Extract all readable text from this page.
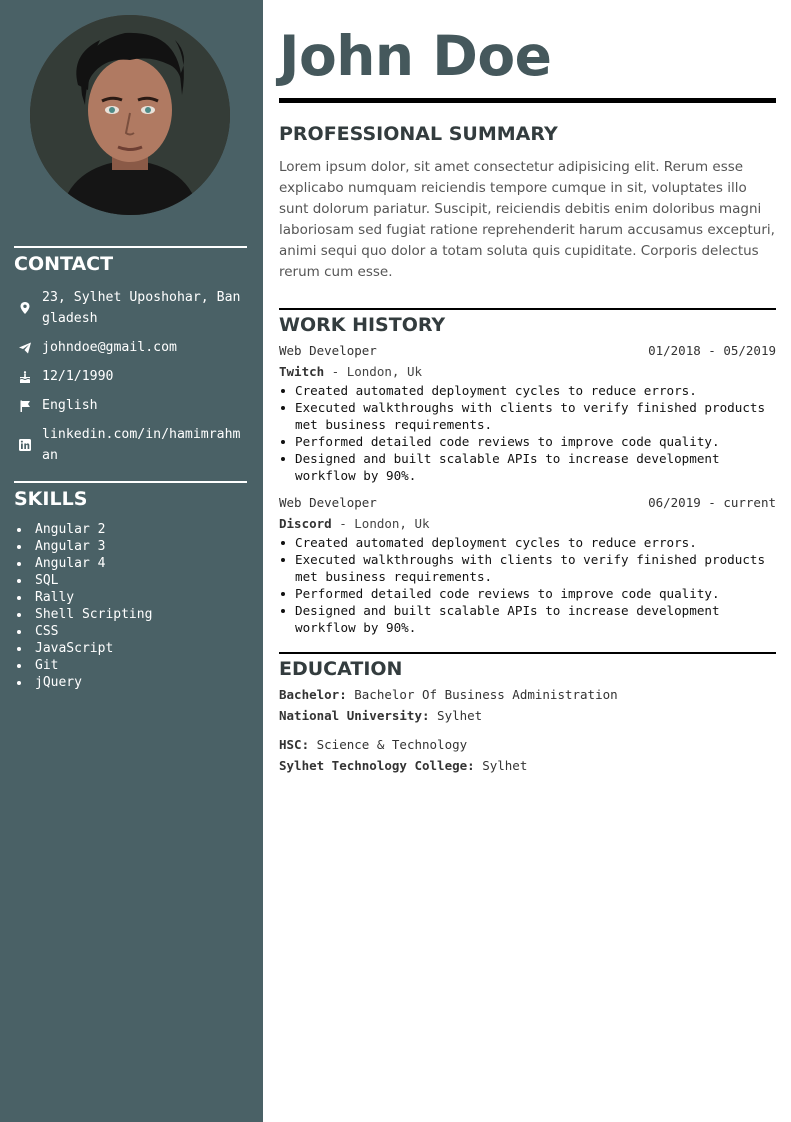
CONTACT
23, Sylhet Uposhohar, Bangladesh
johndoe@gmail.com
12/1/1990
English
linkedin.com/in/hamimrahman
SKILLS
Angular 2
Angular 3
Angular 4
SQL
Rally
Shell Scripting
CSS
JavaScript
Git
jQuery
John Doe
PROFESSIONAL SUMMARY

Lorem ipsum dolor, sit amet consectetur adipisicing elit. Rerum esse explicabo numquam reiciendis tempore cumque in sit, voluptates illo sunt dolorum pariatur. Suscipit, reiciendis debitis enim doloribus magni laboriosam sed fugiat ratione reprehenderit harum accusamus excepturi, animi sequi quo dolor a totam soluta quis cupiditate. Corporis delectus rerum cum esse.

WORK HISTORY
Web Developer	01/2018 - 05/2019
Twitch - London, Uk
Created automated deployment cycles to reduce errors.
Executed walkthroughs with clients to verify finished products met business requirements.
Performed detailed code reviews to improve code quality.
Designed and built scalable APIs to increase development workflow by 90%.
Web Developer	06/2019 - current
Discord - London, Uk
Created automated deployment cycles to reduce errors.
Executed walkthroughs with clients to verify finished products met business requirements.
Performed detailed code reviews to improve code quality.
Designed and built scalable APIs to increase development workflow by 90%.
EDUCATION
Bachelor: Bachelor Of Business Administration
National University: Sylhet
HSC: Science & Technology
Sylhet Technology College: Sylhet
